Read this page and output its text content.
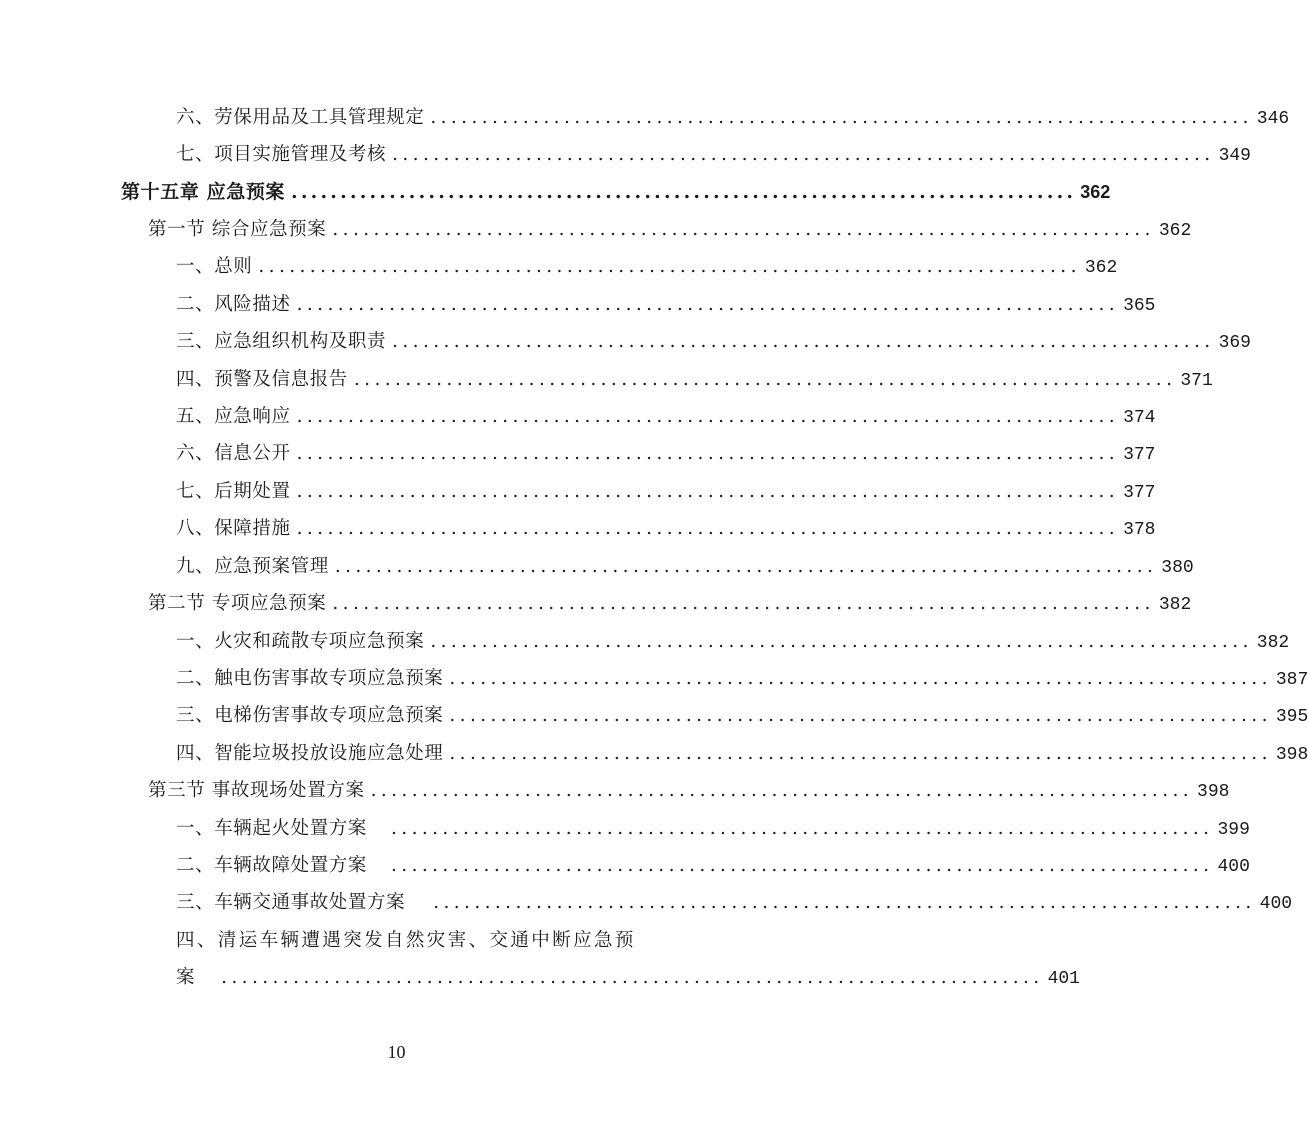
六、劳保用品及工具管理规定 ................................................................................ 346
七、项目实施管理及考核 ................................................................................ 349
第十五章 应急预案 ................................................................................ 362
第一节 综合应急预案 ................................................................................ 362
一、总则 ................................................................................ 362
二、风险描述 ................................................................................ 365
三、应急组织机构及职责 ................................................................................ 369
四、预警及信息报告 ................................................................................ 371
五、应急响应 ................................................................................ 374
六、信息公开 ................................................................................ 377
七、后期处置 ................................................................................ 377
八、保障措施 ................................................................................ 378
九、应急预案管理 ................................................................................ 380
第二节 专项应急预案 ................................................................................ 382
一、火灾和疏散专项应急预案 ................................................................................ 382
二、触电伤害事故专项应急预案 ................................................................................ 387
三、电梯伤害事故专项应急预案 ................................................................................ 395
四、智能垃圾投放设施应急处理 ................................................................................ 398
第三节 事故现场处置方案 ................................................................................ 398
一、车辆起火处置方案 ................................................................................ 399
二、车辆故障处置方案 ................................................................................ 400
三、车辆交通事故处置方案 ................................................................................ 400
四、清运车辆遭遇突发自然灾害、交通中断应急预
案 ................................................................................ 401
10
